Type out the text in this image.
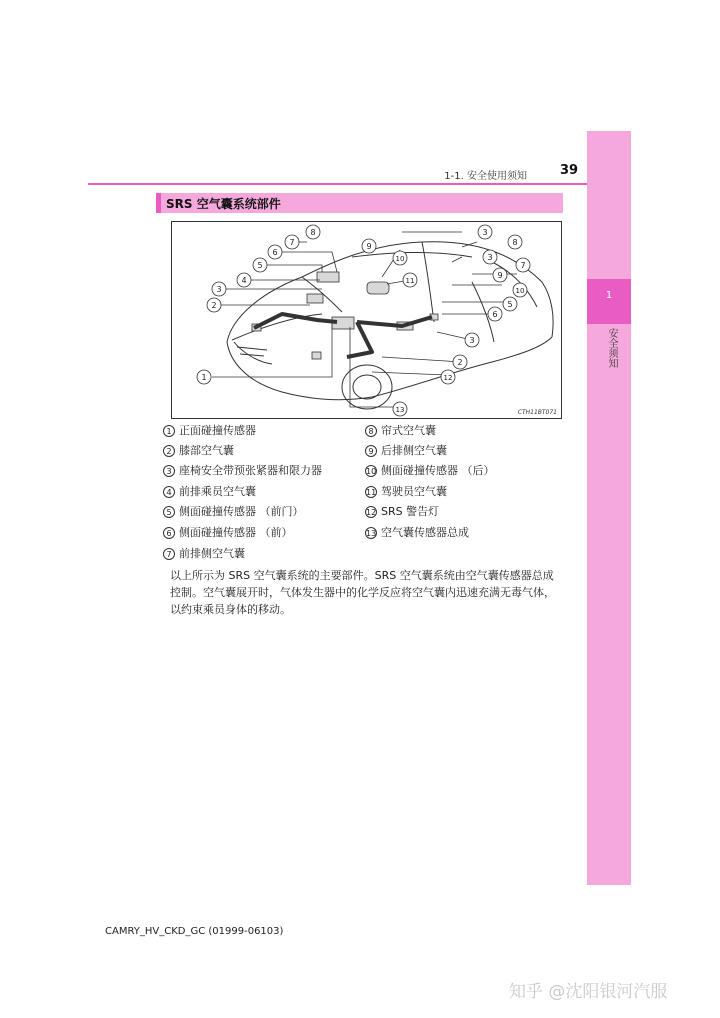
1
安全须知
1-1. 安全使用须知	39
SRS 空气囊系统部件
1
2
3
4
5
6
7
8
9
10
11
3
8
3
7
9
10
5
6
3
2
12
13	CTH11BT071
1 正面碰撞传感器
2 膝部空气囊
3 座椅安全带预张紧器和限力器
4 前排乘员空气囊
5 侧面碰撞传感器 （前门）
6 侧面碰撞传感器 （前）
7 前排侧空气囊
8 帘式空气囊
9 后排侧空气囊
10 侧面碰撞传感器 （后）
11 驾驶员空气囊
12 SRS 警告灯
13 空气囊传感器总成
以上所示为 SRS 空气囊系统的主要部件。SRS 空气囊系统由空气囊传感器总成控制。空气囊展开时，气体发生器中的化学反应将空气囊内迅速充满无毒气体，以约束乘员身体的移动。
CAMRY_HV_CKD_GC (01999-06103)
知乎 @沈阳银河汽服
